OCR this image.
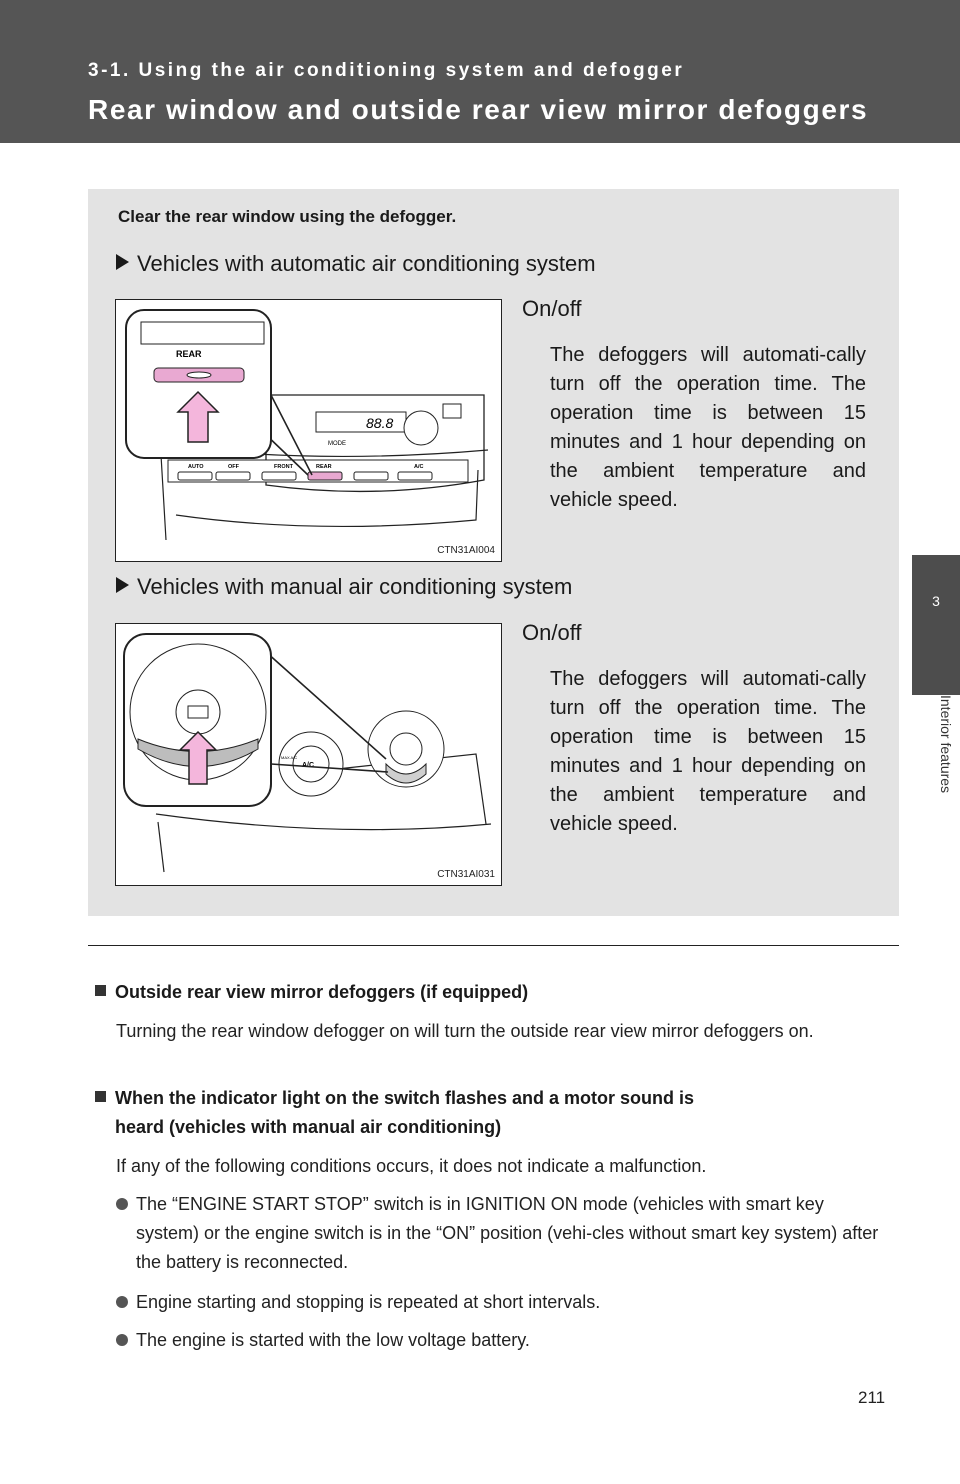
3-1. Using the air conditioning system and defogger
Rear window and outside rear view mirror defoggers
3
Interior features
Clear the rear window using the defogger.
Vehicles with automatic air conditioning system
88.8
MODE
AUTO	OFF	FRONT	REAR	A/C
REAR
CTN31AI004
On/off
The defoggers will automati-cally turn off the operation time. The operation time is between 15 minutes and 1 hour depending on the ambient temperature and vehicle speed.
Vehicles with manual air conditioning system
A/C
MAX A/C
CTN31AI031
On/off
The defoggers will automati-cally turn off the operation time. The operation time is between 15 minutes and 1 hour depending on the ambient temperature and vehicle speed.
Outside rear view mirror defoggers (if equipped)
Turning the rear window defogger on will turn the outside rear view mirror defoggers on.
When the indicator light on the switch flashes and a motor sound is
heard (vehicles with manual air conditioning)
If any of the following conditions occurs, it does not indicate a malfunction.
The “ENGINE START STOP” switch is in IGNITION ON mode (vehicles with smart key system) or the engine switch is in the “ON” position (vehi-cles without smart key system) after the battery is reconnected.
Engine starting and stopping is repeated at short intervals.
The engine is started with the low voltage battery.
211
